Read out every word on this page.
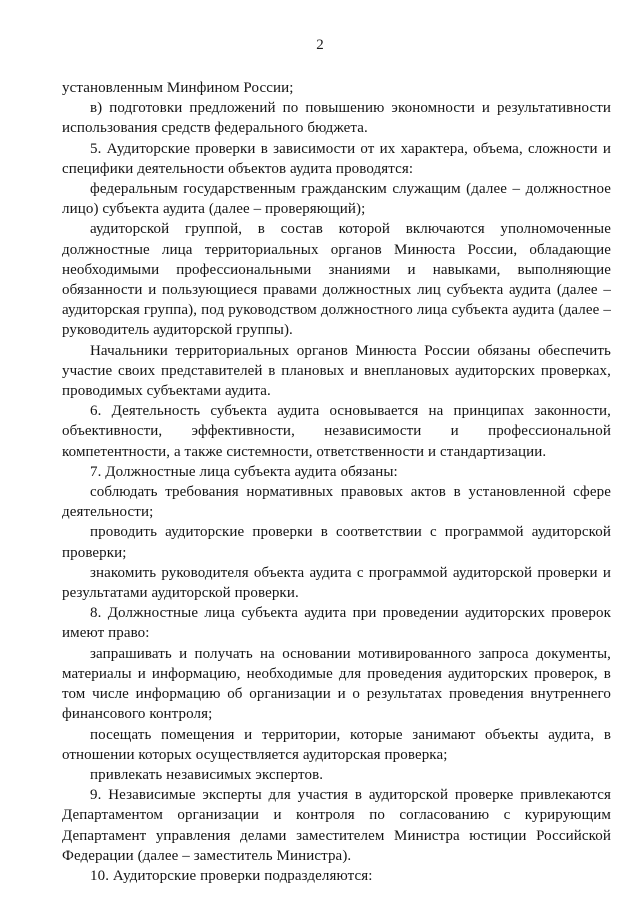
2

установленным Минфином России;

в) подготовки предложений по повышению экономности и результативности использования средств федерального бюджета.

5. Аудиторские проверки в зависимости от их характера, объема, сложности и специфики деятельности объектов аудита проводятся:

федеральным государственным гражданским служащим (далее – должностное лицо) субъекта аудита (далее – проверяющий);

аудиторской группой, в состав которой включаются уполномоченные должностные лица территориальных органов Минюста России, обладающие необходимыми профессиональными знаниями и навыками, выполняющие обязанности и пользующиеся правами должностных лиц субъекта аудита (далее – аудиторская группа), под руководством должностного лица субъекта аудита (далее – руководитель аудиторской группы).

Начальники территориальных органов Минюста России обязаны обеспечить участие своих представителей в плановых и внеплановых аудиторских проверках, проводимых субъектами аудита.

6. Деятельность субъекта аудита основывается на принципах законности, объективности, эффективности, независимости и профессиональной компетентности, а также системности, ответственности и стандартизации.

7. Должностные лица субъекта аудита обязаны:

соблюдать требования нормативных правовых актов в установленной сфере деятельности;

проводить аудиторские проверки в соответствии с программой аудиторской проверки;

знакомить руководителя объекта аудита с программой аудиторской проверки и результатами аудиторской проверки.

8. Должностные лица субъекта аудита при проведении аудиторских проверок имеют право:

запрашивать и получать на основании мотивированного запроса документы, материалы и информацию, необходимые для проведения аудиторских проверок, в том числе информацию об организации и о результатах проведения внутреннего финансового контроля;

посещать помещения и территории, которые занимают объекты аудита, в отношении которых осуществляется аудиторская проверка;

привлекать независимых экспертов.

9. Независимые эксперты для участия в аудиторской проверке привлекаются Департаментом организации и контроля по согласованию с курирующим Департамент управления делами заместителем Министра юстиции Российской Федерации (далее – заместитель Министра).

10. Аудиторские проверки подразделяются:
